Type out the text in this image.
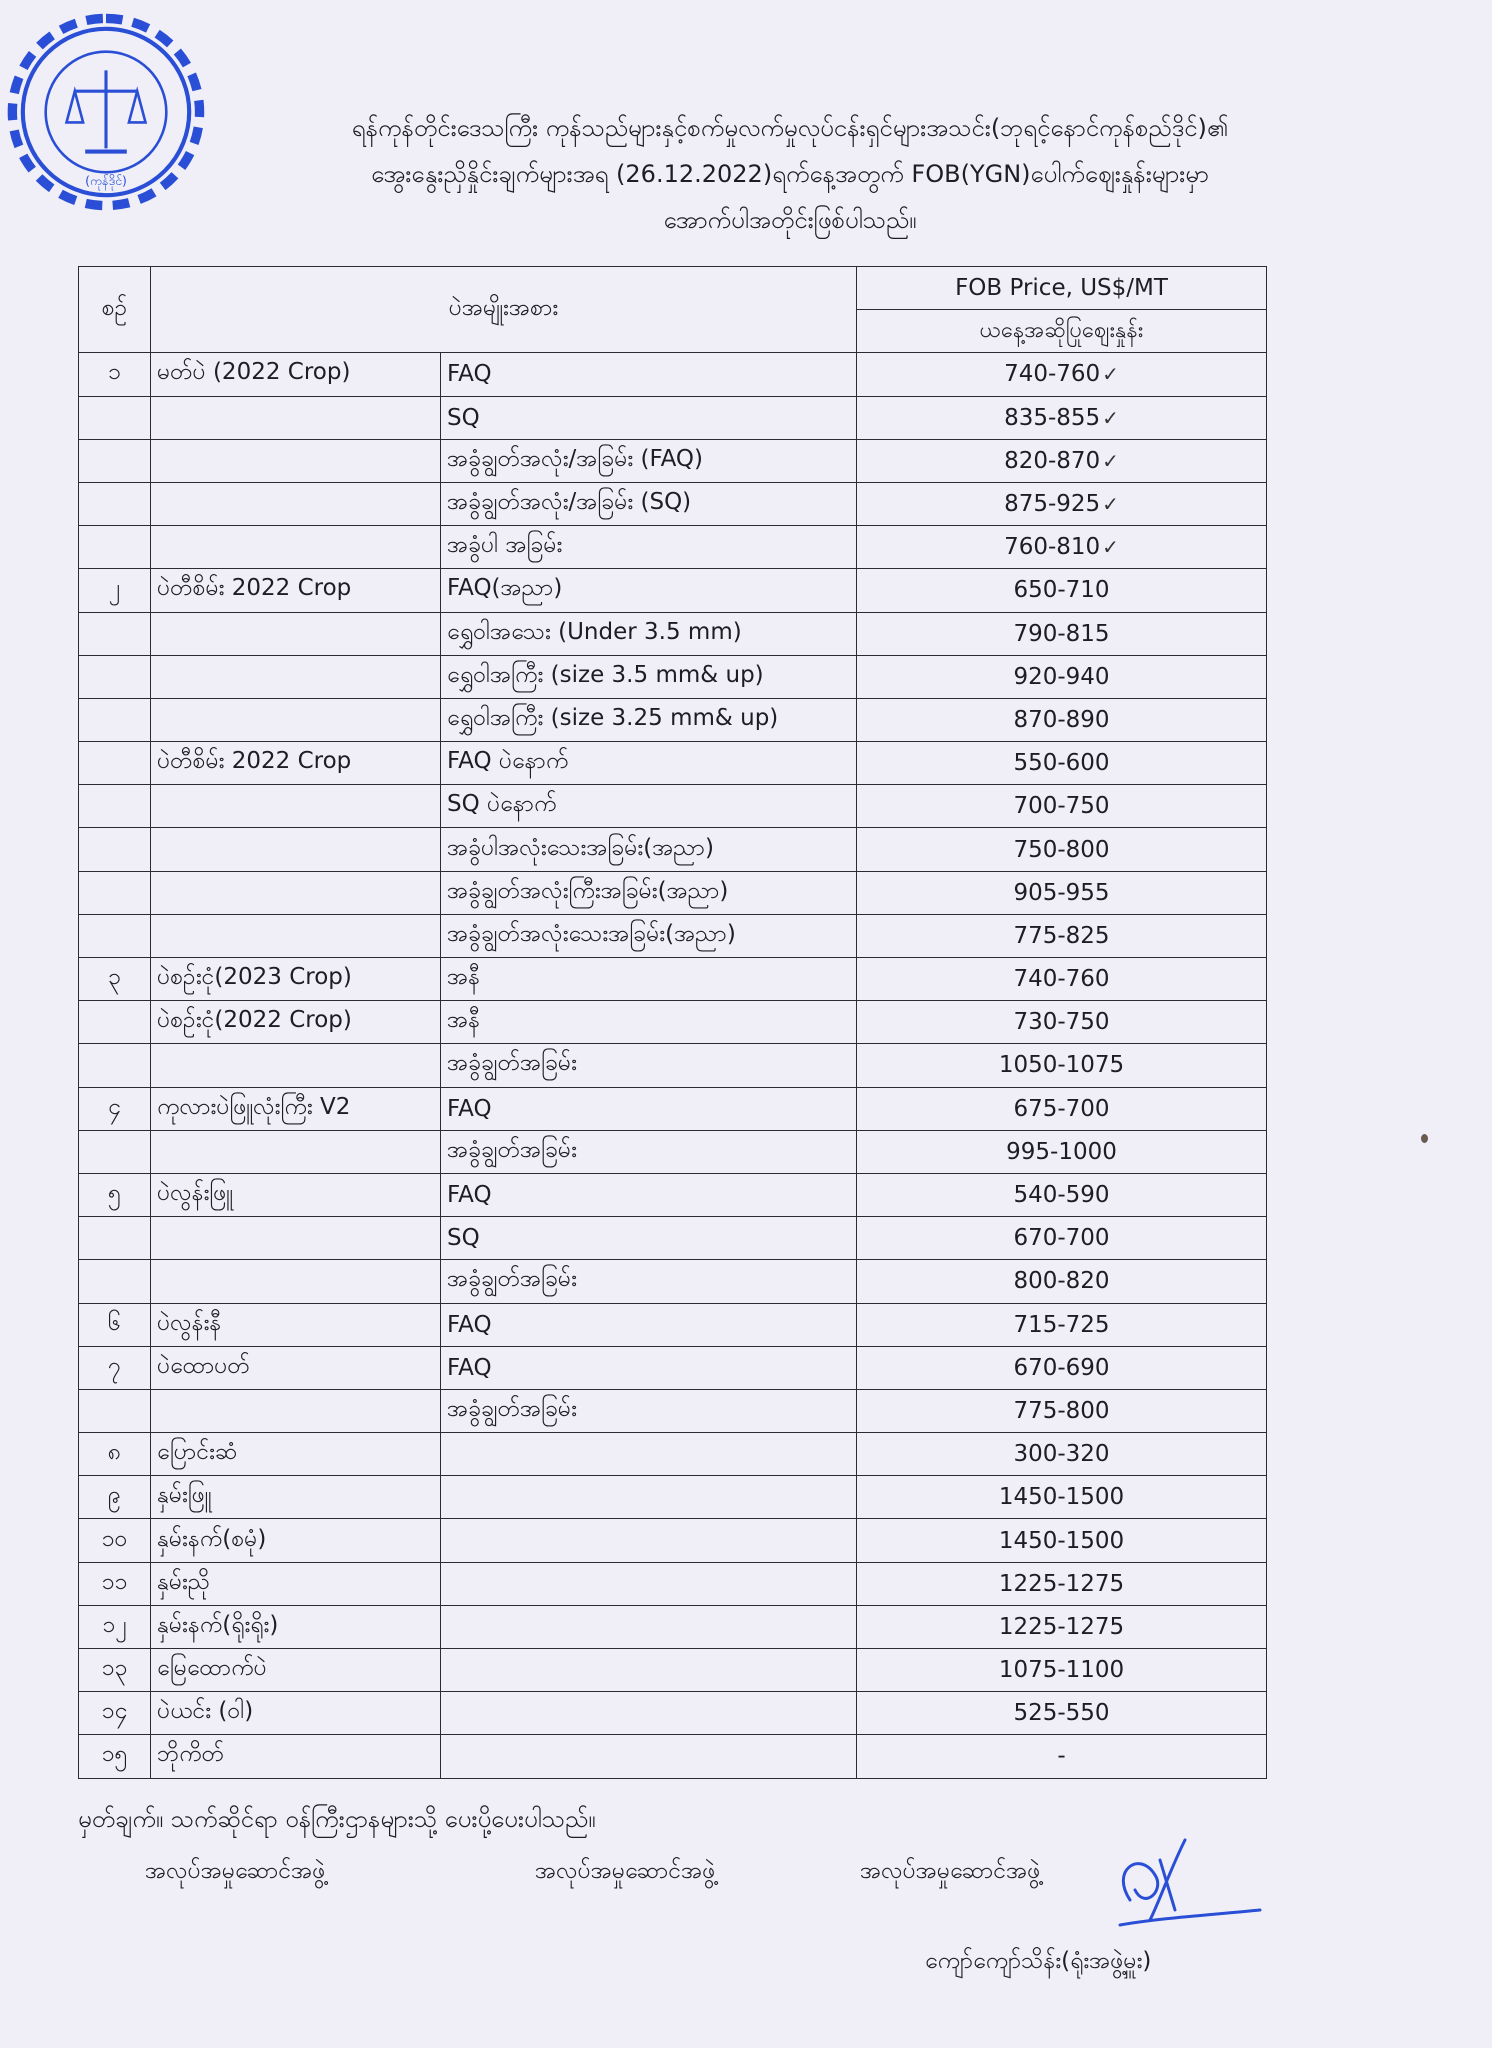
(ကုန်ဒိုင်)
ရန်ကုန်တိုင်းဒေသကြီး ကုန်သည်များနှင့်စက်မှုလက်မှုလုပ်ငန်းရှင်များအသင်း(ဘုရင့်နောင်ကုန်စည်ဒိုင်)၏
အွေးနွေးညှိနှိုင်းချက်များအရ (26.12.2022)ရက်နေ့အတွက် FOB(YGN)ပေါက်ဈေးနှုန်းများမှာ
အောက်ပါအတိုင်းဖြစ်ပါသည်။
စဉ်	ပဲအမျိုးအစား		FOB Price, US$/MT
			ယနေ့အဆိုပြုဈေးနှုန်း
၁	မတ်ပဲ (2022 Crop)	FAQ	740-760 ✓
		SQ	835-855 ✓
		အခွံချွတ်အလုံး/အခြမ်း (FAQ)	820-870 ✓
		အခွံချွတ်အလုံး/အခြမ်း (SQ)	875-925 ✓
		အခွံပါ အခြမ်း	760-810 ✓
၂	ပဲတီစိမ်း 2022 Crop	FAQ(အညာ)	650-710
		ရွှေဝါအသေး (Under 3.5 mm)	790-815
		ရွှေဝါအကြီး (size 3.5 mm& up)	920-940
		ရွှေဝါအကြီး (size 3.25 mm& up)	870-890
	ပဲတီစိမ်း 2022 Crop	FAQ ပဲနောက်	550-600
		SQ ပဲနောက်	700-750
		အခွံပါအလုံးသေးအခြမ်း(အညာ)	750-800
		အခွံချွတ်အလုံးကြီးအခြမ်း(အညာ)	905-955
		အခွံချွတ်အလုံးသေးအခြမ်း(အညာ)	775-825
၃	ပဲစဉ်းငုံ(2023 Crop)	အနီ	740-760
	ပဲစဉ်းငုံ(2022 Crop)	အနီ	730-750
		အခွံချွတ်အခြမ်း	1050-1075
၄	ကုလားပဲဖြူလုံးကြီး V2	FAQ	675-700
		အခွံချွတ်အခြမ်း	995-1000
၅	ပဲလွန်းဖြူ	FAQ	540-590
		SQ	670-700
		အခွံချွတ်အခြမ်း	800-820
၆	ပဲလွန်းနီ	FAQ	715-725
၇	ပဲထောပတ်	FAQ	670-690
		အခွံချွတ်အခြမ်း	775-800
၈	ပြောင်းဆံ		300-320
၉	နှမ်းဖြူ		1450-1500
၁၀	နှမ်းနက်(စမုံ)		1450-1500
၁၁	နှမ်းညို		1225-1275
၁၂	နှမ်းနက်(ရိုးရိုး)		1225-1275
၁၃	မြေထောက်ပဲ		1075-1100
၁၄	ပဲယင်း (ဝါ)		525-550
၁၅	ဘိုကိတ်		-
မှတ်ချက်။ သက်ဆိုင်ရာ ဝန်ကြီးဌာနများသို့ ပေးပို့ပေးပါသည်။
အလုပ်အမှုဆောင်အဖွဲ့	အလုပ်အမှုဆောင်အဖွဲ့	အလုပ်အမှုဆောင်အဖွဲ့
ကျော်ကျော်သိန်း(ရုံးအဖွဲ့မှူး)
